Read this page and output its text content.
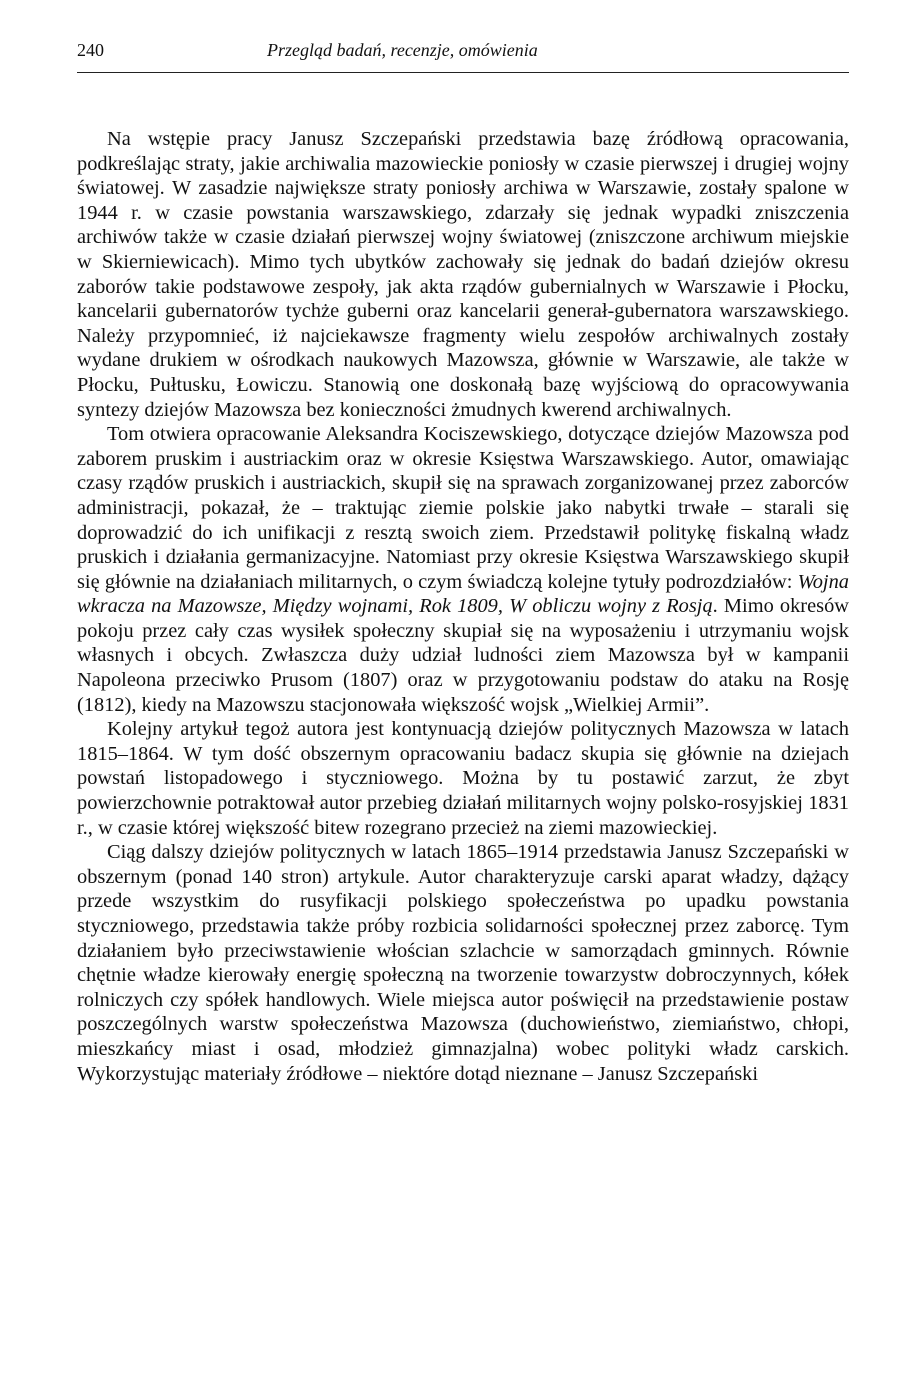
240	Przegląd badań, recenzje, omówienia

Na wstępie pracy Janusz Szczepański przedstawia bazę źródłową opracowania, podkreślając straty, jakie archiwalia mazowieckie poniosły w czasie pierwszej i drugiej wojny światowej. W zasadzie największe straty poniosły archiwa w Warszawie, zostały spalone w 1944 r. w czasie powstania warszawskiego, zdarzały się jednak wypadki zniszczenia archiwów także w czasie działań pierwszej wojny światowej (zniszczone archiwum miejskie w Skierniewicach). Mimo tych ubytków zachowały się jednak do badań dziejów okresu zaborów takie podstawowe zespoły, jak akta rządów gubernialnych w Warszawie i Płocku, kancelarii gubernatorów tychże guberni oraz kancelarii generał-gubernatora warszawskiego. Należy przypomnieć, iż najciekawsze fragmenty wielu zespołów archiwalnych zostały wydane drukiem w ośrodkach naukowych Mazowsza, głównie w Warszawie, ale także w Płocku, Pułtusku, Łowiczu. Stanowią one doskonałą bazę wyjściową do opracowywania syntezy dziejów Mazowsza bez konieczności żmudnych kwerend archiwalnych.

Tom otwiera opracowanie Aleksandra Kociszewskiego, dotyczące dziejów Mazowsza pod zaborem pruskim i austriackim oraz w okresie Księstwa Warszawskiego. Autor, omawiając czasy rządów pruskich i austriackich, skupił się na sprawach zorganizowanej przez zaborców administracji, pokazał, że – traktując ziemie polskie jako nabytki trwałe – starali się doprowadzić do ich unifikacji z resztą swoich ziem. Przedstawił politykę fiskalną władz pruskich i działania germanizacyjne. Natomiast przy okresie Księstwa Warszawskiego skupił się głównie na działaniach militarnych, o czym świadczą kolejne tytuły podrozdziałów: Wojna wkracza na Mazowsze, Między wojnami, Rok 1809, W obliczu wojny z Rosją. Mimo okresów pokoju przez cały czas wysiłek społeczny skupiał się na wyposażeniu i utrzymaniu wojsk własnych i obcych. Zwłaszcza duży udział ludności ziem Mazowsza był w kampanii Napoleona przeciwko Prusom (1807) oraz w przygotowaniu podstaw do ataku na Rosję (1812), kiedy na Mazowszu stacjonowała większość wojsk „Wielkiej Armii”.

Kolejny artykuł tegoż autora jest kontynuacją dziejów politycznych Mazowsza w latach 1815–1864. W tym dość obszernym opracowaniu badacz skupia się głównie na dziejach powstań listopadowego i styczniowego. Można by tu postawić zarzut, że zbyt powierzchownie potraktował autor przebieg działań militarnych wojny polsko-rosyjskiej 1831 r., w czasie której większość bitew rozegrano przecież na ziemi mazowieckiej.

Ciąg dalszy dziejów politycznych w latach 1865–1914 przedstawia Janusz Szczepański w obszernym (ponad 140 stron) artykule. Autor charakteryzuje carski aparat władzy, dążący przede wszystkim do rusyfikacji polskiego społeczeństwa po upadku powstania styczniowego, przedstawia także próby rozbicia solidarności społecznej przez zaborcę. Tym działaniem było przeciwstawienie włościan szlachcie w samorządach gminnych. Równie chętnie władze kierowały energię społeczną na tworzenie towarzystw dobroczynnych, kółek rolniczych czy spółek handlowych. Wiele miejsca autor poświęcił na przedstawienie postaw poszczególnych warstw społeczeństwa Mazowsza (duchowieństwo, ziemiaństwo, chłopi, mieszkańcy miast i osad, młodzież gimnazjalna) wobec polityki władz carskich. Wykorzystując materiały źródłowe – niektóre dotąd nieznane – Janusz Szczepański
